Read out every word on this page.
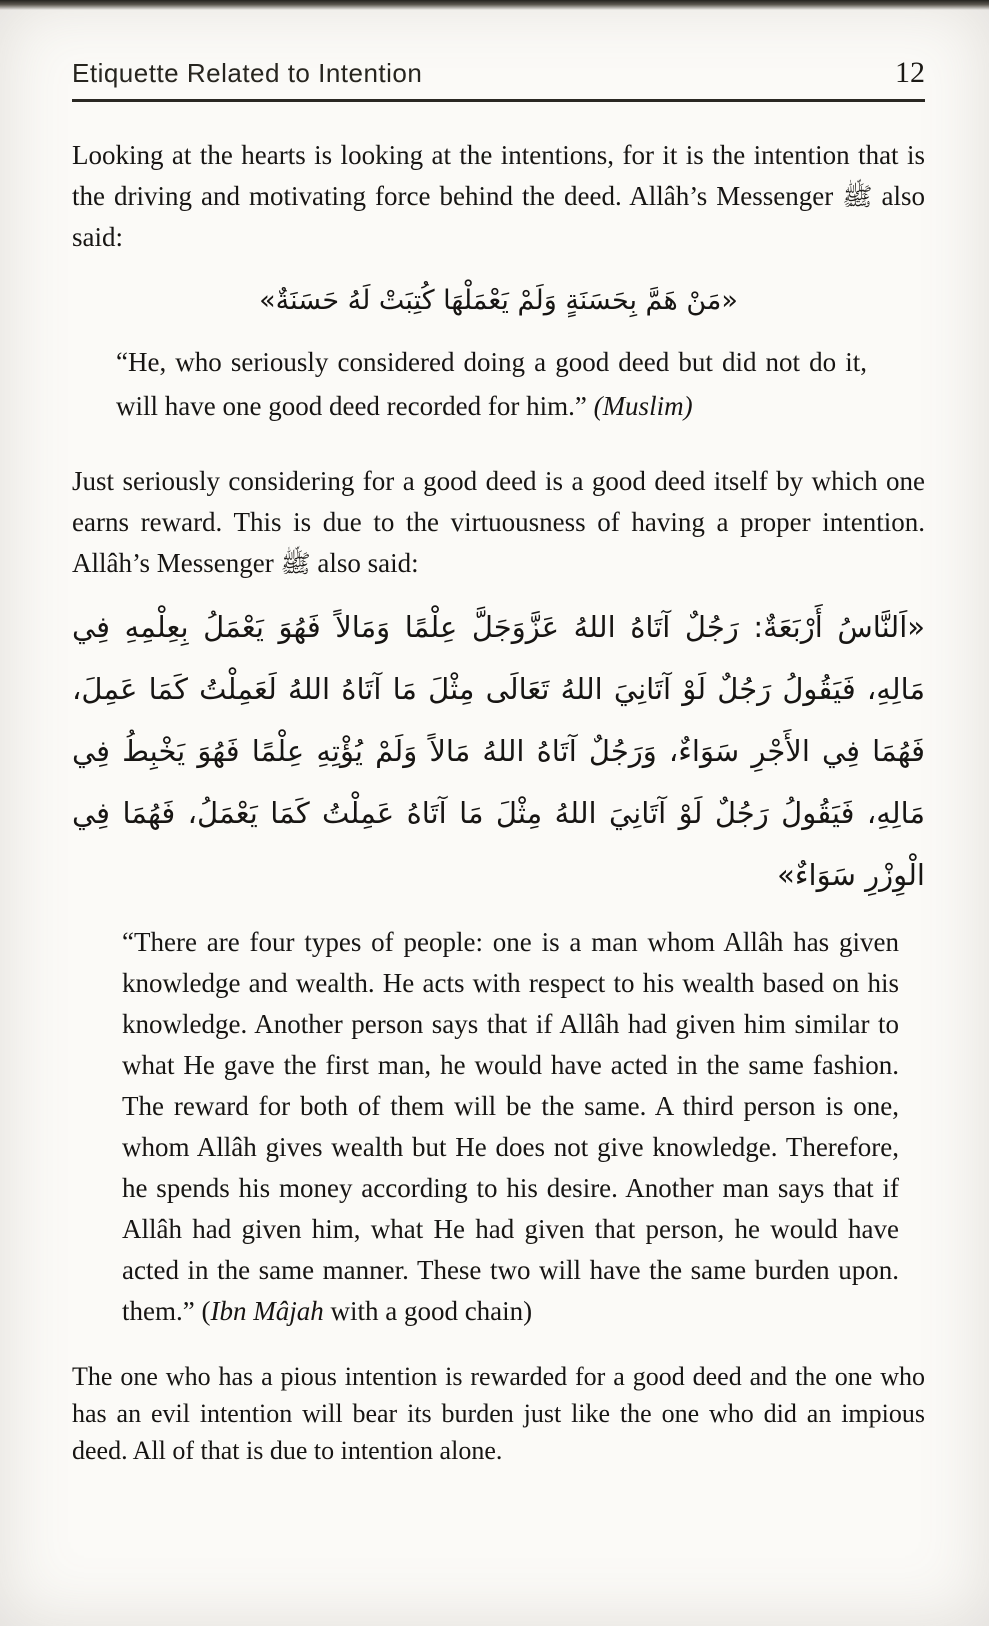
Etiquette Related to Intention	12

Looking at the hearts is looking at the intentions, for it is the intention that is the driving and motivating force behind the deed. Allâh’s Messenger ﷺ also said:

«مَنْ هَمَّ بِحَسَنَةٍ وَلَمْ يَعْمَلْهَا كُتِبَتْ لَهُ حَسَنَةٌ»

“He, who seriously considered doing a good deed but did not do it, will have one good deed recorded for him.” (Muslim)

Just seriously considering for a good deed is a good deed itself by which one earns reward. This is due to the virtuousness of having a proper intention. Allâh’s Messenger ﷺ also said:

«اَلنَّاسُ أَرْبَعَةٌ: رَجُلٌ آتَاهُ اللهُ عَزَّوَجَلَّ عِلْمًا وَمَالاً فَهُوَ يَعْمَلُ بِعِلْمِهِ فِي
مَالِهِ، فَيَقُولُ رَجُلٌ لَوْ آتَانِيَ اللهُ تَعَالَى مِثْلَ مَا آتَاهُ اللهُ لَعَمِلْتُ كَمَا عَمِلَ،
فَهُمَا فِي الأَجْرِ سَوَاءٌ، وَرَجُلٌ آتَاهُ اللهُ مَالاً وَلَمْ يُؤْتِهِ عِلْمًا فَهُوَ يَخْبِطُ فِي
مَالِهِ، فَيَقُولُ رَجُلٌ لَوْ آتَانِيَ اللهُ مِثْلَ مَا آتَاهُ عَمِلْتُ كَمَا يَعْمَلُ، فَهُمَا فِي
الْوِزْرِ سَوَاءٌ»

“There are four types of people: one is a man whom Allâh has given knowledge and wealth. He acts with respect to his wealth based on his knowledge. Another person says that if Allâh had given him similar to what He gave the first man, he would have acted in the same fashion. The reward for both of them will be the same. A third person is one, whom Allâh gives wealth but He does not give knowledge. Therefore, he spends his money according to his desire. Another man says that if Allâh had given him, what He had given that person, he would have acted in the same manner. These two will have the same burden upon. them.” (Ibn Mâjah with a good chain)

The one who has a pious intention is rewarded for a good deed and the one who has an evil intention will bear its burden just like the one who did an impious deed. All of that is due to intention alone.
